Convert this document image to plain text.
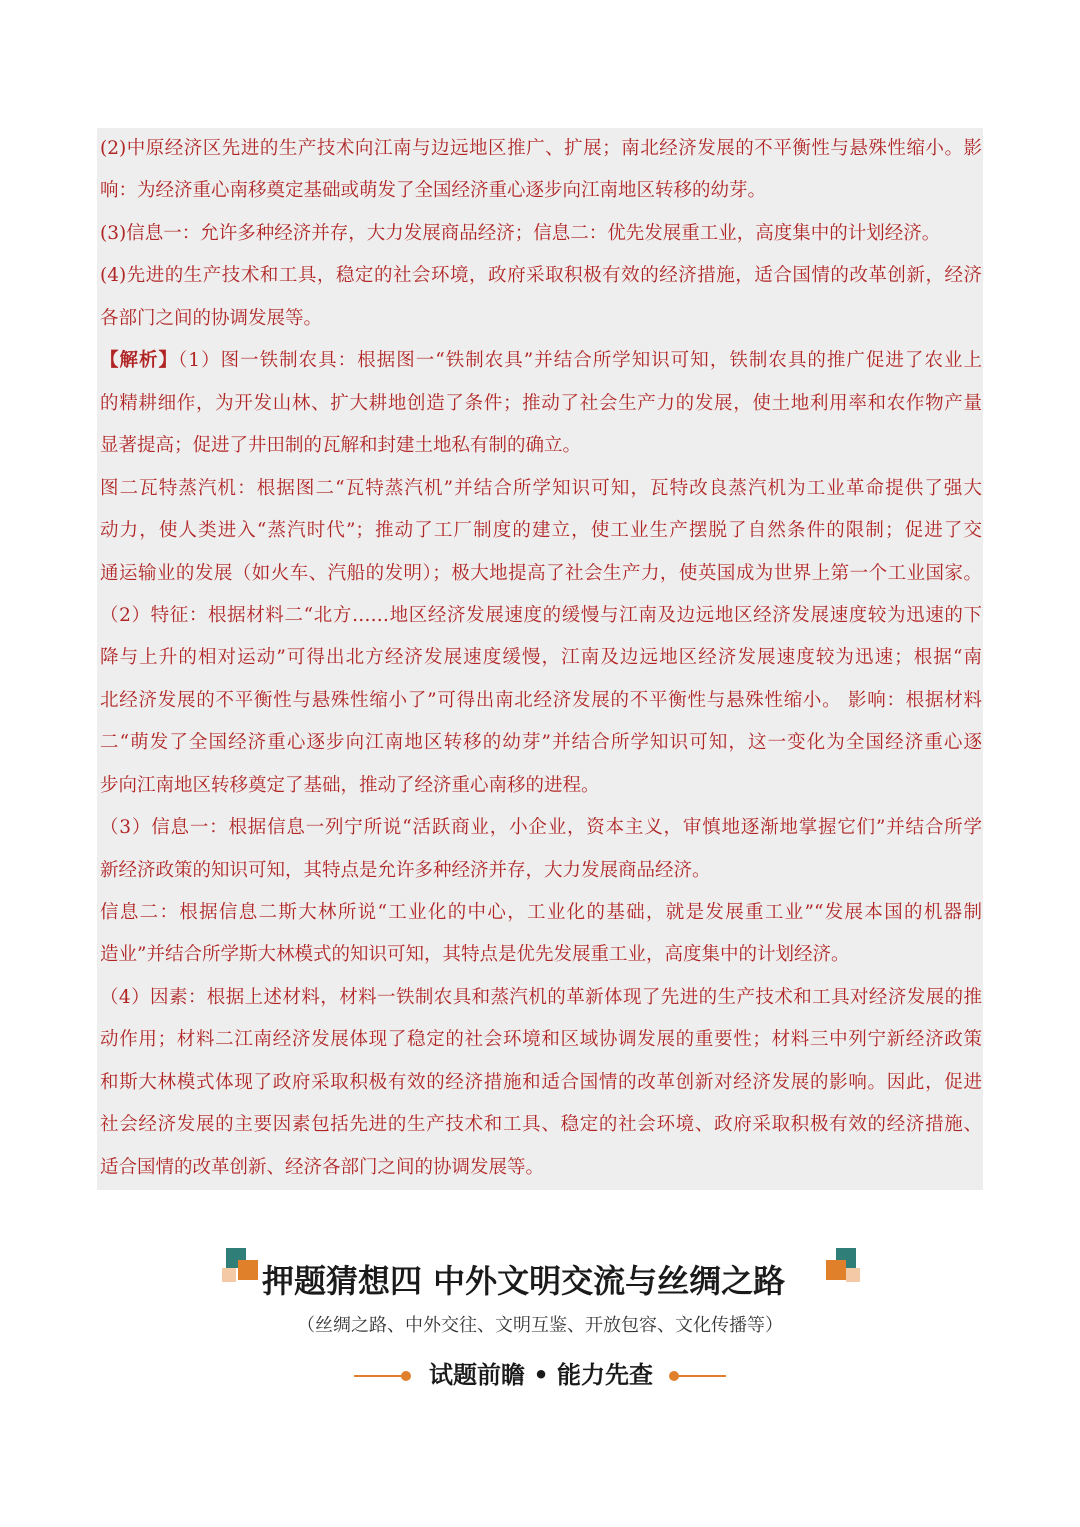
(2)中原经济区先进的生产技术向江南与边远地区推广、扩展；南北经济发展的不平衡性与悬殊性缩小。影
响：为经济重心南移奠定基础或萌发了全国经济重心逐步向江南地区转移的幼芽。
(3)信息一：允许多种经济并存，大力发展商品经济；信息二：优先发展重工业，高度集中的计划经济。
(4)先进的生产技术和工具，稳定的社会环境，政府采取积极有效的经济措施，适合国情的改革创新，经济
各部门之间的协调发展等。
【解析】（1）图一铁制农具：根据图一“铁制农具”并结合所学知识可知，铁制农具的推广促进了农业上
的精耕细作，为开发山林、扩大耕地创造了条件；推动了社会生产力的发展，使土地利用率和农作物产量
显著提高；促进了井田制的瓦解和封建土地私有制的确立。
图二瓦特蒸汽机：根据图二“瓦特蒸汽机”并结合所学知识可知，瓦特改良蒸汽机为工业革命提供了强大
动力，使人类进入“蒸汽时代”；推动了工厂制度的建立，使工业生产摆脱了自然条件的限制；促进了交
通运输业的发展（如火车、汽船的发明）；极大地提高了社会生产力，使英国成为世界上第一个工业国家。
（2）特征：根据材料二“北方……地区经济发展速度的缓慢与江南及边远地区经济发展速度较为迅速的下
降与上升的相对运动”可得出北方经济发展速度缓慢，江南及边远地区经济发展速度较为迅速；根据“南
北经济发展的不平衡性与悬殊性缩小了”可得出南北经济发展的不平衡性与悬殊性缩小。 影响：根据材料
二“萌发了全国经济重心逐步向江南地区转移的幼芽”并结合所学知识可知，这一变化为全国经济重心逐
步向江南地区转移奠定了基础，推动了经济重心南移的进程。
（3）信息一：根据信息一列宁所说“活跃商业，小企业，资本主义，审慎地逐渐地掌握它们”并结合所学
新经济政策的知识可知，其特点是允许多种经济并存，大力发展商品经济。
信息二：根据信息二斯大林所说“工业化的中心，工业化的基础，就是发展重工业”“发展本国的机器制
造业”并结合所学斯大林模式的知识可知，其特点是优先发展重工业，高度集中的计划经济。
（4）因素：根据上述材料，材料一铁制农具和蒸汽机的革新体现了先进的生产技术和工具对经济发展的推
动作用；材料二江南经济发展体现了稳定的社会环境和区域协调发展的重要性；材料三中列宁新经济政策
和斯大林模式体现了政府采取积极有效的经济措施和适合国情的改革创新对经济发展的影响。因此，促进
社会经济发展的主要因素包括先进的生产技术和工具、稳定的社会环境、政府采取积极有效的经济措施、
适合国情的改革创新、经济各部门之间的协调发展等。
押题猜想四 中外文明交流与丝绸之路
（丝绸之路、中外交往、文明互鉴、开放包容、文化传播等）
试题前瞻 • 能力先查
